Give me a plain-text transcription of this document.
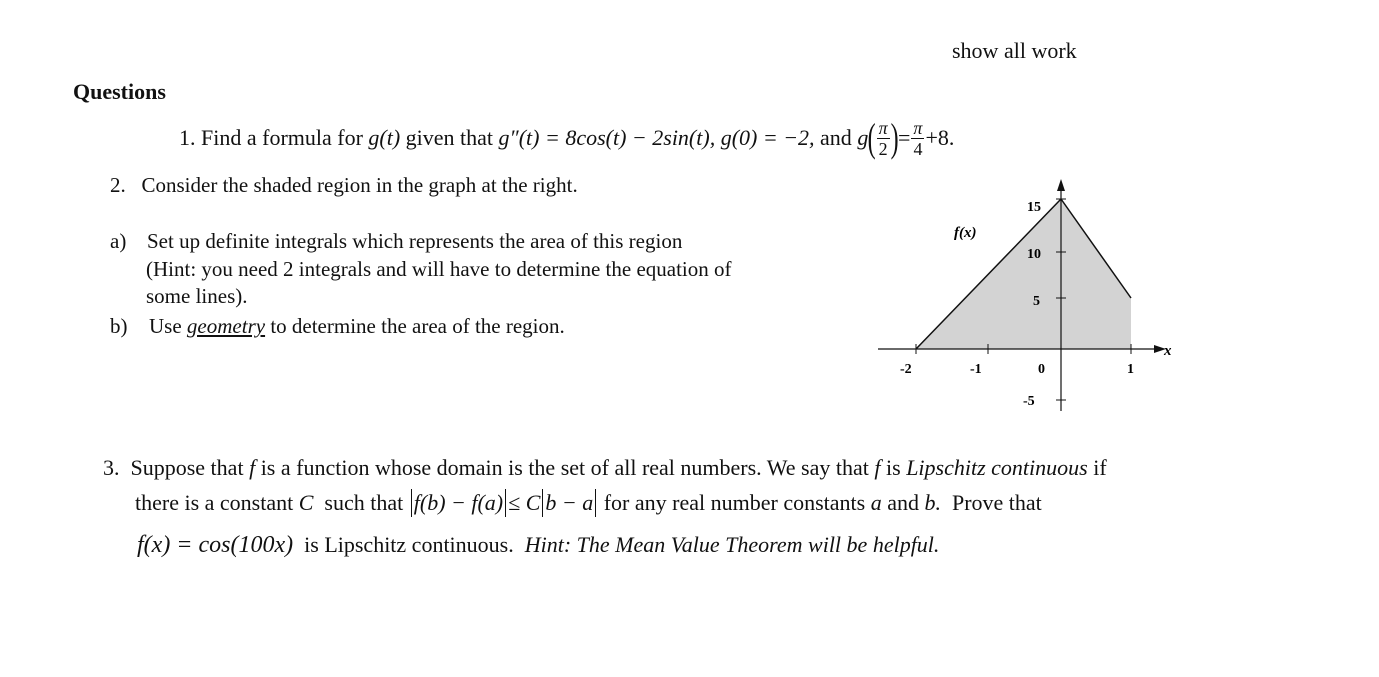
show all work
Questions
1.
Find a formula for
g(t)
given that
g″(t) = 8cos(t) − 2sin(t),
g(0) = −2,
and
g ( $\frac{\pi}{2}$ ) = $\frac{\pi}{4} +8$.
2. Consider the shaded region in the graph at the right.
a) Set up definite integrals which represents the area of this region
(Hint: you need 2 integrals and will have to determine the equation of
some lines).
b) Use geometry to determine the area of the region.
f(x)
x
-2	-1	0	1
15
10
5
-5
3. Suppose that f is a function whose domain is the set of all real numbers. We say that f is Lipschitz continuous if
there is a constant
C
such that
f(b) − f(a) ≤ C b − a
for any real number constants
a
and
b.
Prove that
f(x) = cos(100x) is Lipschitz continuous. Hint: The Mean Value Theorem will be helpful.
